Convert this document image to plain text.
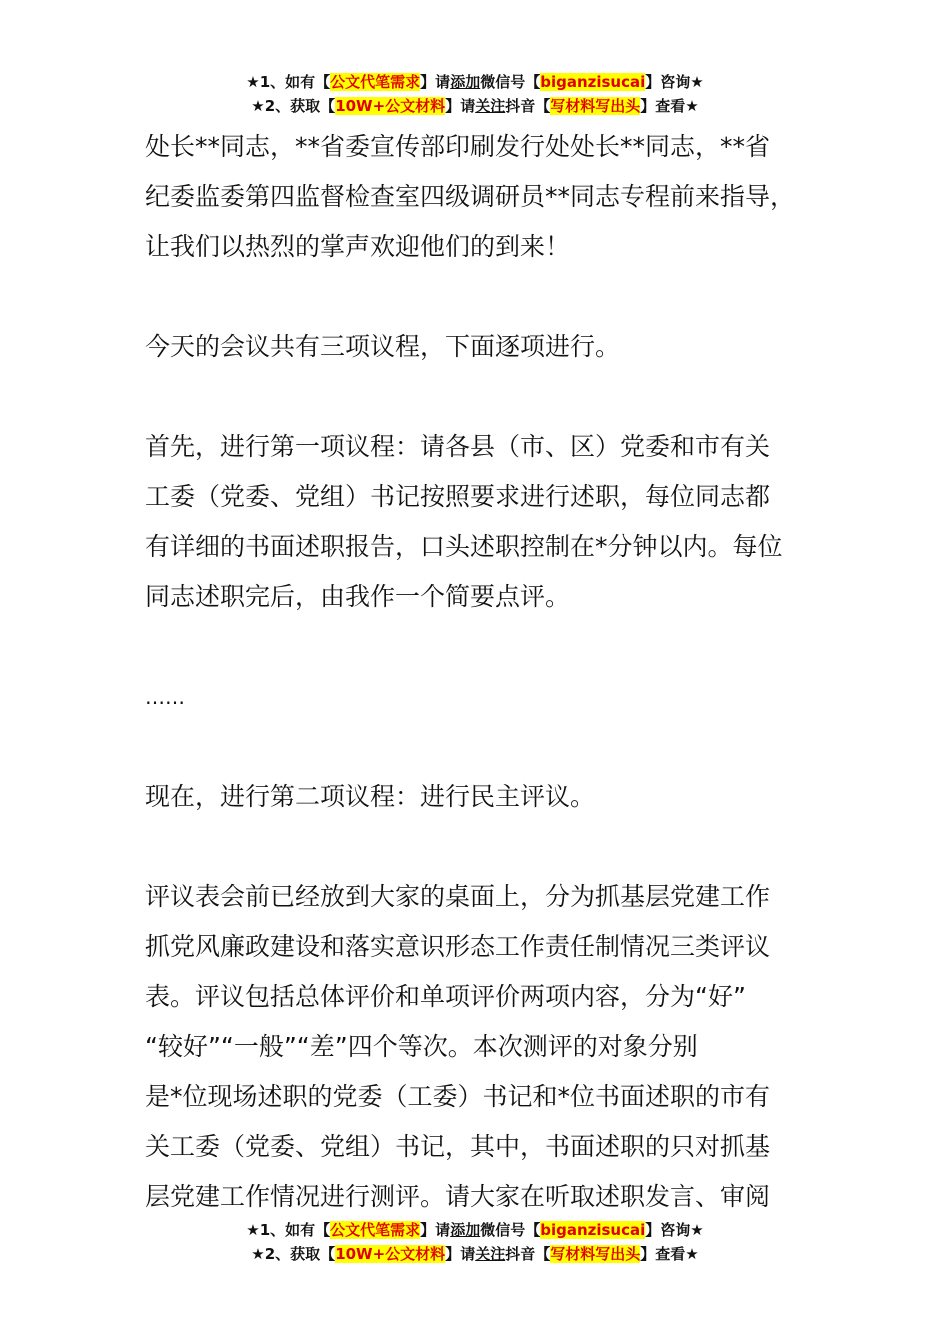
★1、如有【公文代笔需求】请添加微信号【biganzisucai】咨询★
★2、获取【10W+公文材料】请关注抖音【写材料写出头】查看★
处长**同志，**省委宣传部印刷发行处处长**同志，**省
纪委监委第四监督检查室四级调研员**同志专程前来指导，
让我们以热烈的掌声欢迎他们的到来！
今天的会议共有三项议程，下面逐项进行。
首先，进行第一项议程：请各县（市、区）党委和市有关
工委（党委、党组）书记按照要求进行述职，每位同志都
有详细的书面述职报告，口头述职控制在*分钟以内。每位
同志述职完后，由我作一个简要点评。
……
现在，进行第二项议程：进行民主评议。
评议表会前已经放到大家的桌面上，分为抓基层党建工作
抓党风廉政建设和落实意识形态工作责任制情况三类评议
表。评议包括总体评价和单项评价两项内容，分为“好”
“较好”“一般”“差”四个等次。本次测评的对象分别
是*位现场述职的党委（工委）书记和*位书面述职的市有
关工委（党委、党组）书记，其中，书面述职的只对抓基
层党建工作情况进行测评。请大家在听取述职发言、审阅
★1、如有【公文代笔需求】请添加微信号【biganzisucai】咨询★
★2、获取【10W+公文材料】请关注抖音【写材料写出头】查看★
